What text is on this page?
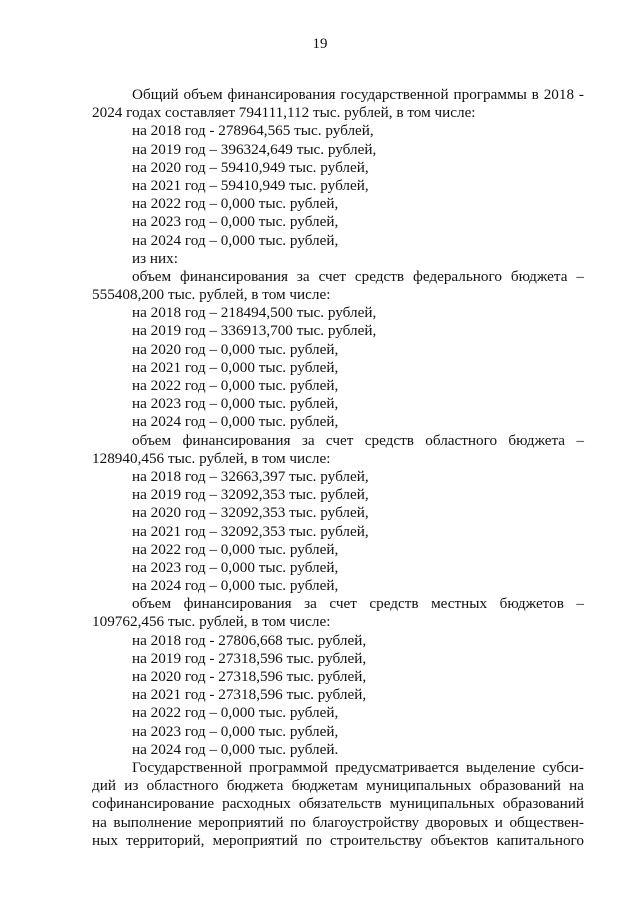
19
Общий объем финансирования государственной программы в 2018 -
2024 годах составляет 794111,112 тыс. рублей, в том числе:
на 2018 год - 278964,565 тыс. рублей,
на 2019 год – 396324,649 тыс. рублей,
на 2020 год – 59410,949 тыс. рублей,
на 2021 год – 59410,949 тыс. рублей,
на 2022 год – 0,000 тыс. рублей,
на 2023 год – 0,000 тыс. рублей,
на 2024 год – 0,000 тыс. рублей,
из них:
объем финансирования за счет средств федерального бюджета –
555408,200 тыс. рублей, в том числе:
на 2018 год – 218494,500 тыс. рублей,
на 2019 год – 336913,700 тыс. рублей,
на 2020 год – 0,000 тыс. рублей,
на 2021 год – 0,000 тыс. рублей,
на 2022 год – 0,000 тыс. рублей,
на 2023 год – 0,000 тыс. рублей,
на 2024 год – 0,000 тыс. рублей,
объем финансирования за счет средств областного бюджета –
128940,456 тыс. рублей, в том числе:
на 2018 год – 32663,397 тыс. рублей,
на 2019 год – 32092,353 тыс. рублей,
на 2020 год – 32092,353 тыс. рублей,
на 2021 год – 32092,353 тыс. рублей,
на 2022 год – 0,000 тыс. рублей,
на 2023 год – 0,000 тыс. рублей,
на 2024 год – 0,000 тыс. рублей,
объем финансирования за счет средств местных бюджетов –
109762,456 тыс. рублей, в том числе:
на 2018 год - 27806,668 тыс. рублей,
на 2019 год - 27318,596 тыс. рублей,
на 2020 год - 27318,596 тыс. рублей,
на 2021 год - 27318,596 тыс. рублей,
на 2022 год – 0,000 тыс. рублей,
на 2023 год – 0,000 тыс. рублей,
на 2024 год – 0,000 тыс. рублей.
Государственной программой предусматривается выделение субси-
дий из областного бюджета бюджетам муниципальных образований на
софинансирование расходных обязательств муниципальных образований
на выполнение мероприятий по благоустройству дворовых и обществен-
ных территорий, мероприятий по строительству объектов капитального
